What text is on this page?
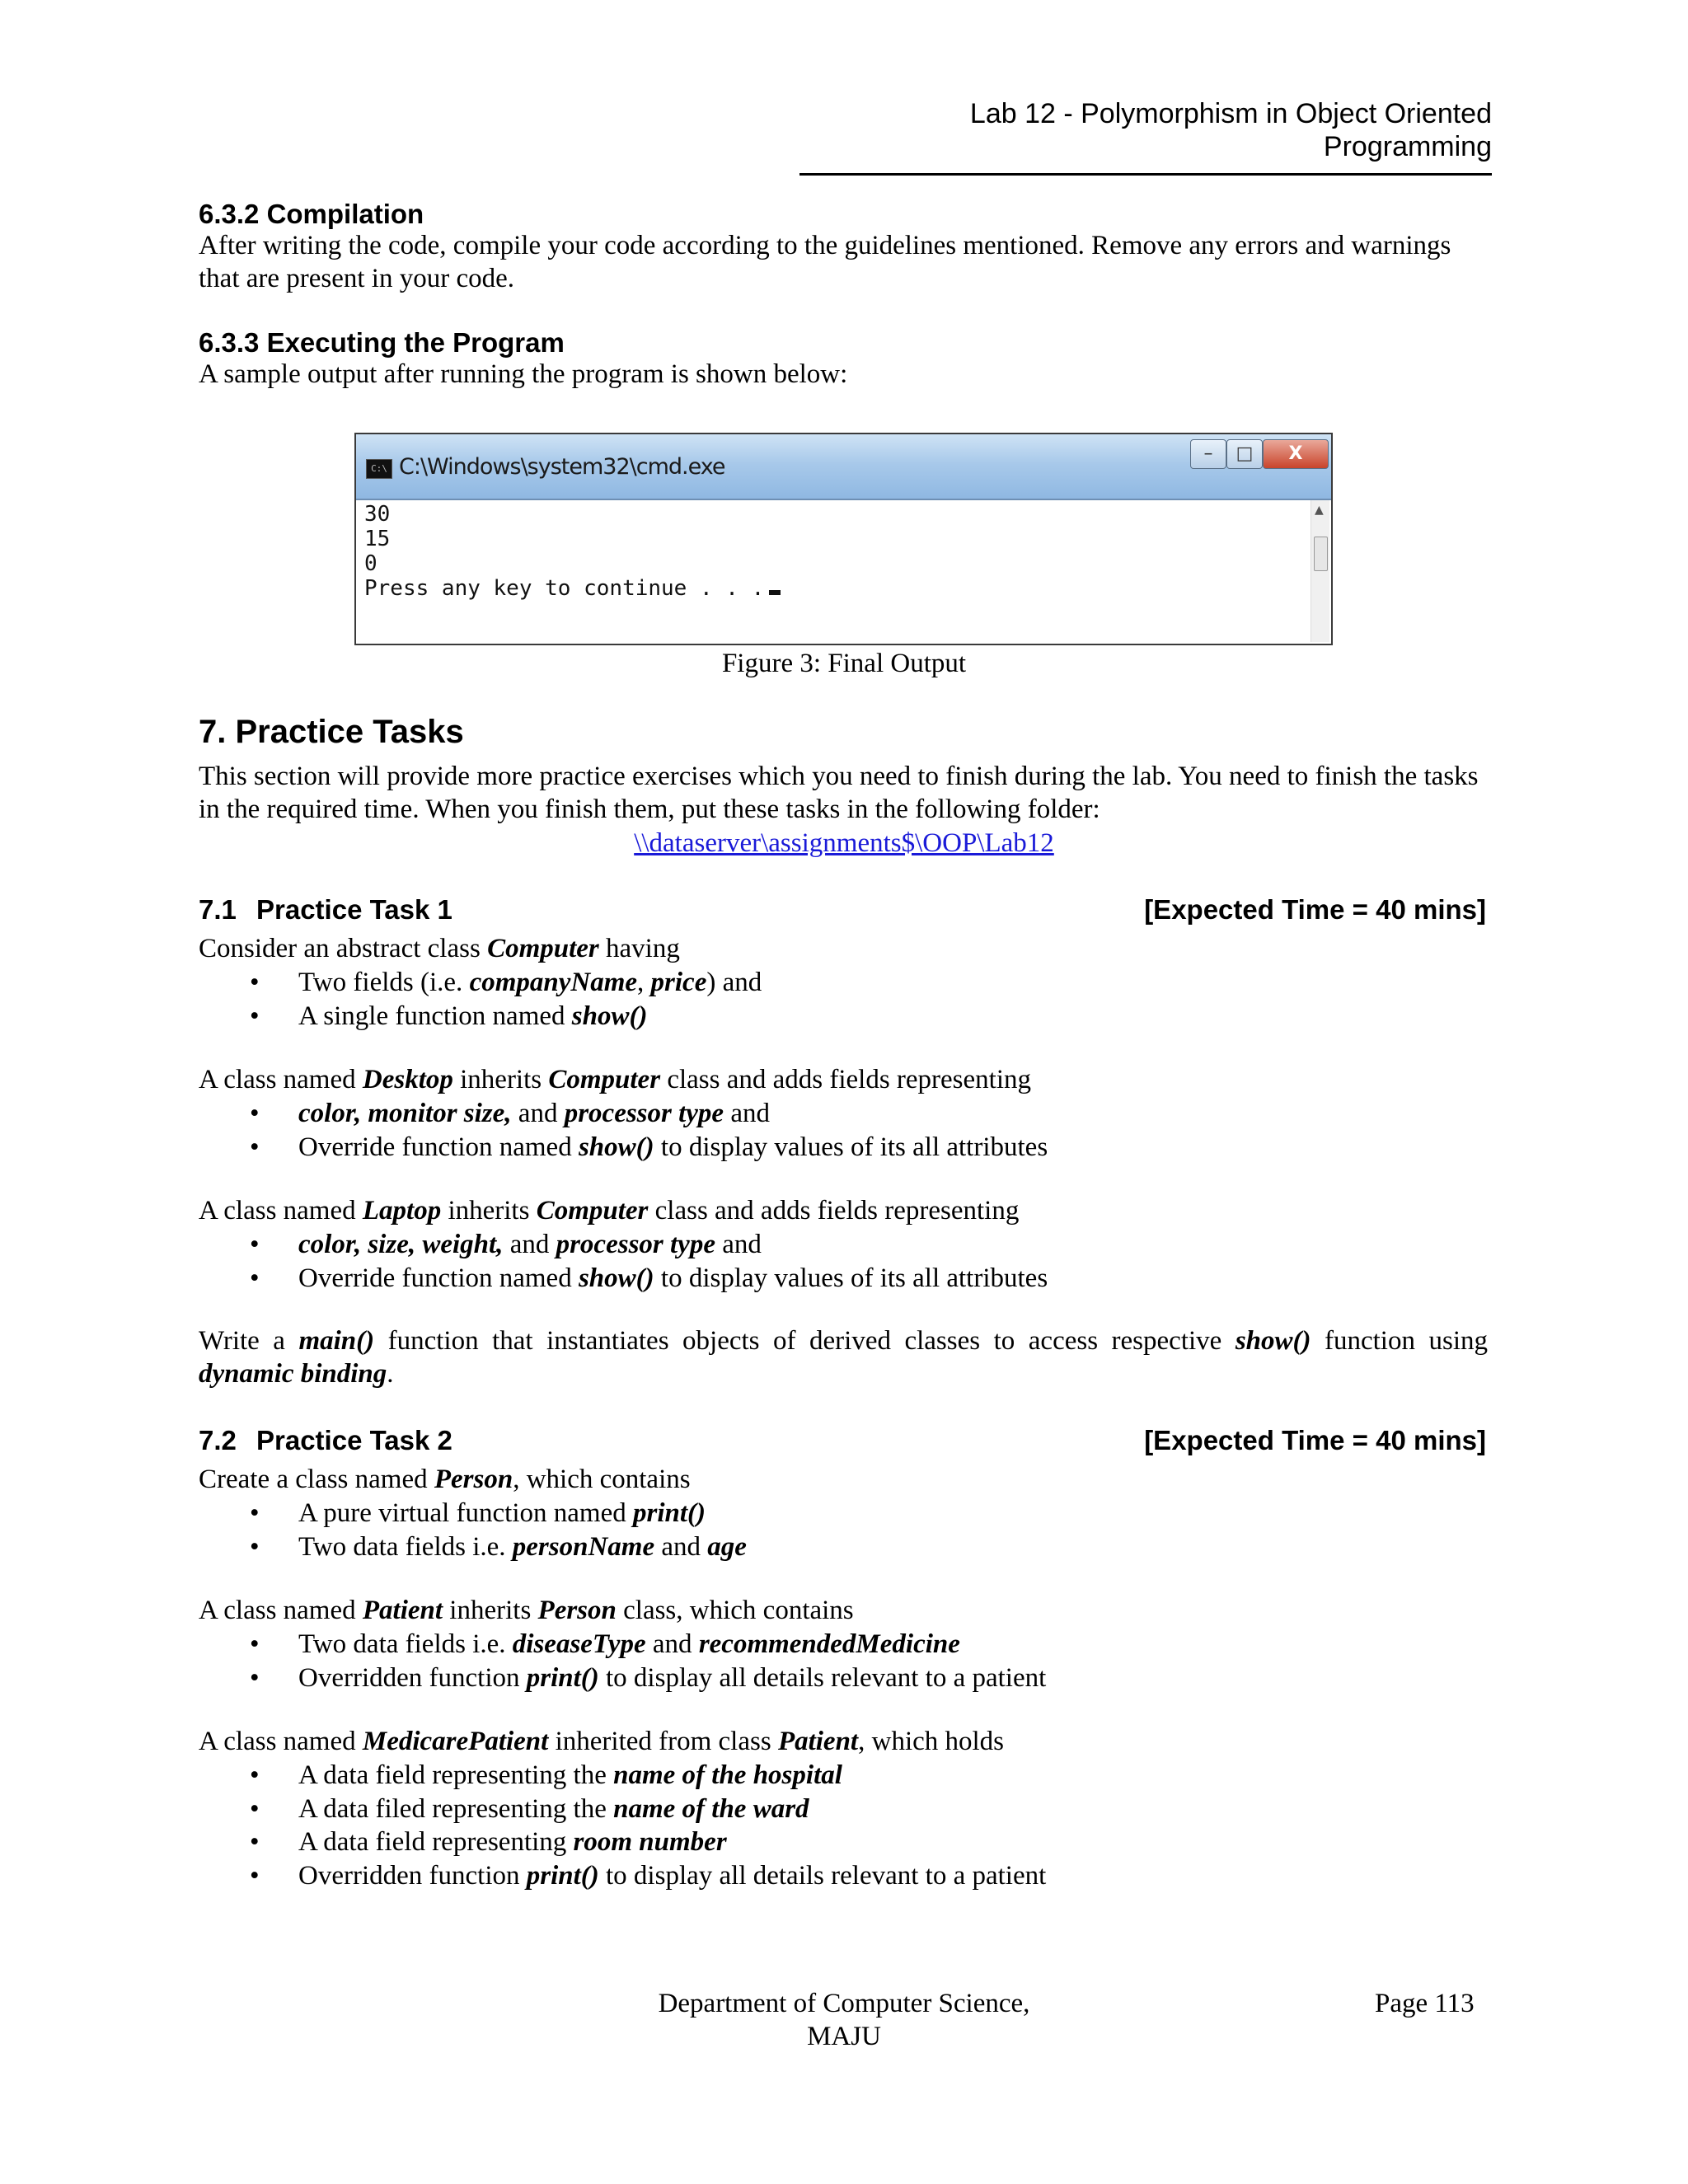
Lab 12 - Polymorphism in Object Oriented Programming
6.3.2 Compilation
After writing the code, compile your code according to the guidelines mentioned. Remove any errors and warnings that are present in your code.
6.3.3 Executing the Program
A sample output after running the program is shown below:
C:\ C:\Windows\system32\cmd.exe
–	□	X
30
15
0
Press any key to continue . . .
▲
Figure 3: Final Output
7. Practice Tasks
This section will provide more practice exercises which you need to finish during the lab. You need to finish the tasks in the required time. When you finish them, put these tasks in the following folder:
\\dataserver\assignments$\OOP\Lab12
7.1 Practice Task 1	[Expected Time = 40 mins]
Consider an abstract class Computer having
• Two fields (i.e. companyName, price) and
• A single function named show()
A class named Desktop inherits Computer class and adds fields representing
• color, monitor size, and processor type and
• Override function named show() to display values of its all attributes
A class named Laptop inherits Computer class and adds fields representing
• color, size, weight, and processor type and
• Override function named show() to display values of its all attributes
Write  a  main()  function  that  instantiates  objects  of  derived  classes  to  access  respective  show()  function  using
dynamic binding.
7.2 Practice Task 2	[Expected Time = 40 mins]
Create a class named Person, which contains
• A pure virtual function named print()
• Two data fields i.e. personName and age
A class named Patient inherits Person class, which contains
• Two data fields i.e. diseaseType and recommendedMedicine
• Overridden function print() to display all details relevant to a patient
A class named MedicarePatient inherited from class Patient, which holds
• A data field representing the name of the hospital
• A data filed representing the name of the ward
• A data field representing room number
• Overridden function print() to display all details relevant to a patient
Department of Computer Science,
MAJU
Page 113
